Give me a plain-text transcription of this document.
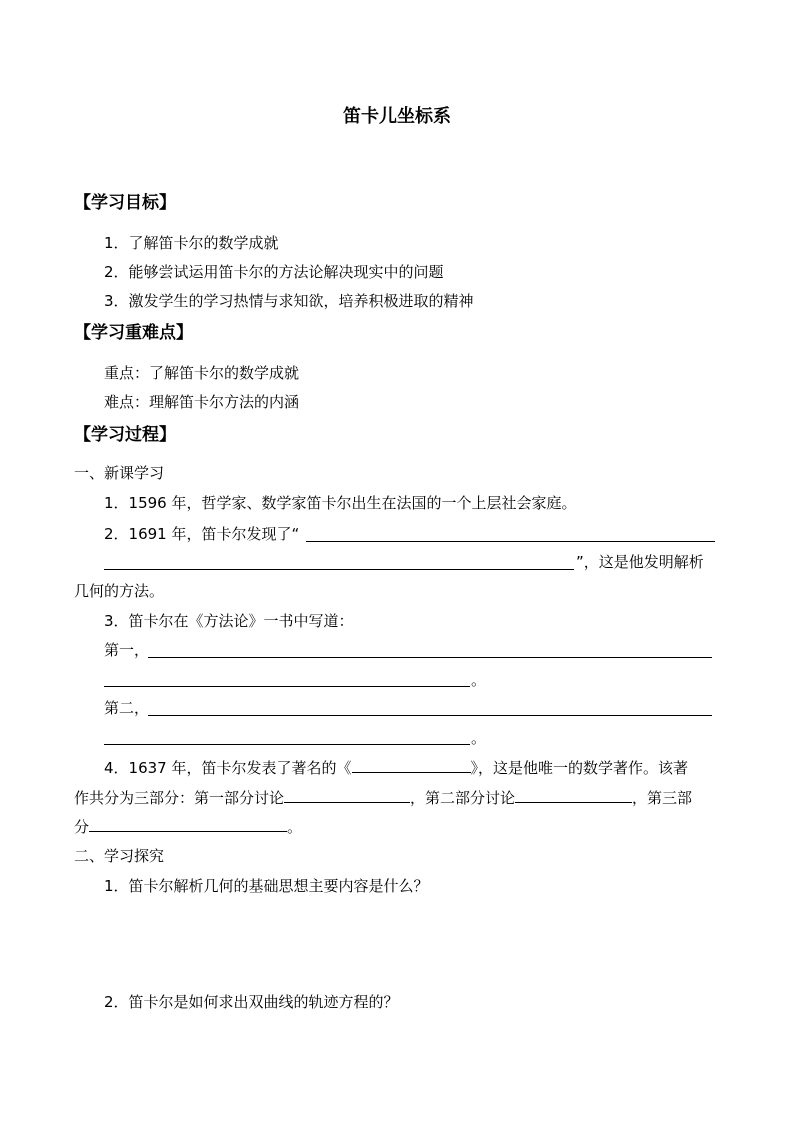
笛卡儿坐标系
【学习目标】
1．了解笛卡尔的数学成就
2．能够尝试运用笛卡尔的方法论解决现实中的问题
3．激发学生的学习热情与求知欲，培养积极进取的精神
【学习重难点】
重点：了解笛卡尔的数学成就
难点：理解笛卡尔方法的内涵
【学习过程】
一、新课学习
1．1596 年，哲学家、数学家笛卡尔出生在法国的一个上层社会家庭。
2．1691 年，笛卡尔发现了“
”，这是他发明解析
几何的方法。
3．笛卡尔在《方法论》一书中写道：
第一，
。
第二，
。
4．1637 年，笛卡尔发表了著名的《	》，这是他唯一的数学著作。该著
作共分为三部分：第一部分讨论	，第二部分讨论	，第三部
分	。
二、学习探究
1．笛卡尔解析几何的基础思想主要内容是什么？
2．笛卡尔是如何求出双曲线的轨迹方程的？
